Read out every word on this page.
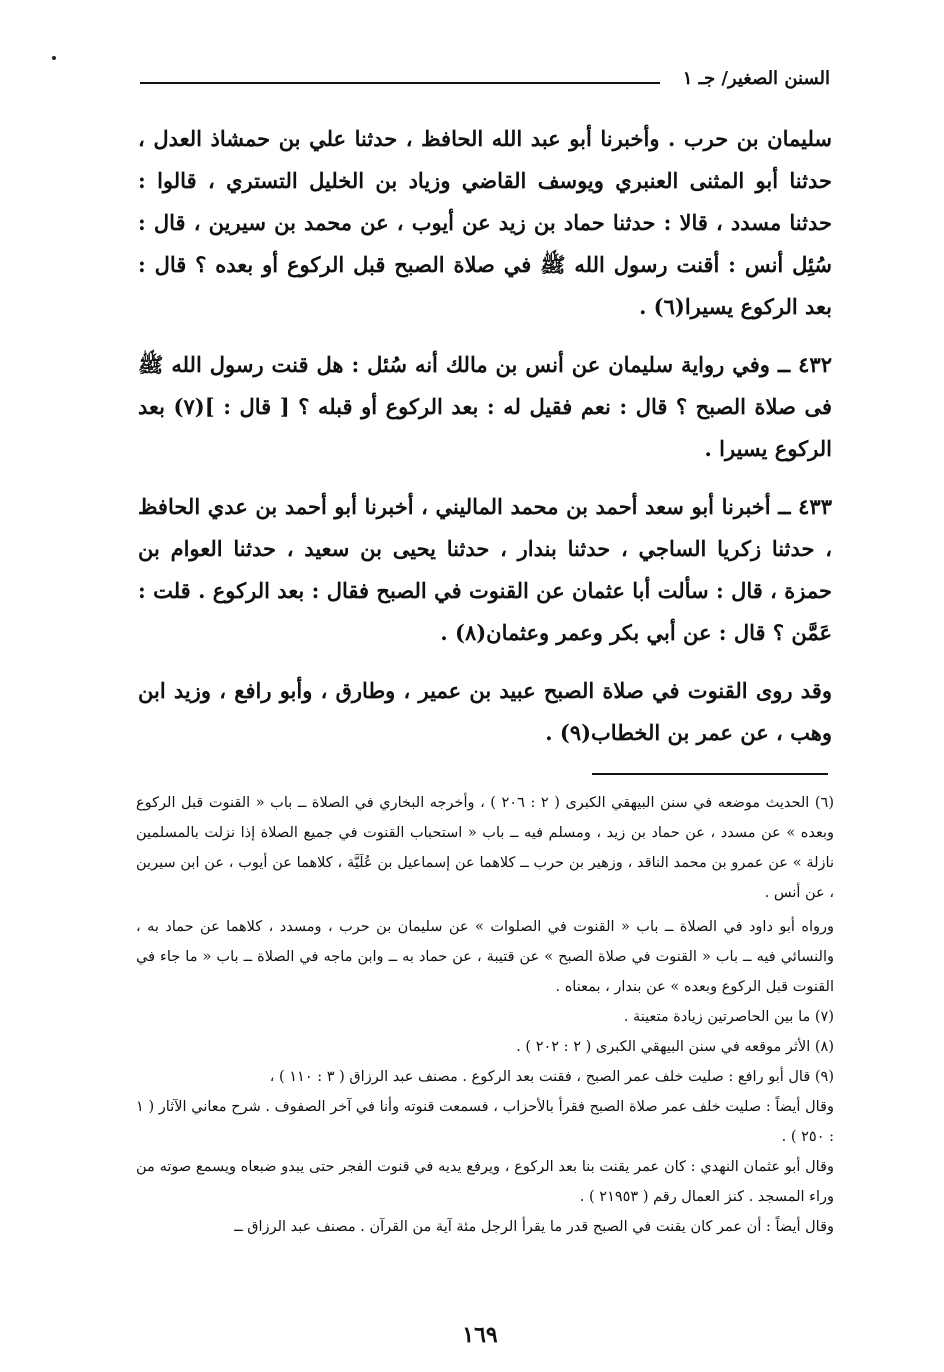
السنن الصغير/ جـ ١

سليمان بن حرب . وأخبرنا أبو عبد الله الحافظ ، حدثنا علي بن حمشاذ العدل ، حدثنا أبو المثنى العنبري ويوسف القاضي وزياد بن الخليل التستري ، قالوا : حدثنا مسدد ، قالا : حدثنا حماد بن زيد عن أيوب ، عن محمد بن سيرين ، قال : سُئِل أنس : أقنت رسول الله ﷺ في صلاة الصبح قبل الركوع أو بعده ؟ قال : بعد الركوع يسيرا(٦) .

٤٣٢ ــ وفي رواية سليمان عن أنس بن مالك أنه سُئل : هل قنت رسول الله ﷺ فى صلاة الصبح ؟ قال : نعم فقيل له : بعد الركوع أو قبله ؟ [ قال : ](٧) بعد الركوع يسيرا .

٤٣٣ ــ أخبرنا أبو سعد أحمد بن محمد الماليني ، أخبرنا أبو أحمد بن عدي الحافظ ، حدثنا زكريا الساجي ، حدثنا بندار ، حدثنا يحيى بن سعيد ، حدثنا العوام بن حمزة ، قال : سألت أبا عثمان عن القنوت في الصبح فقال : بعد الركوع . قلت : عَمَّن ؟ قال : عن أبي بكر وعمر وعثمان(٨) .

وقد روى القنوت في صلاة الصبح عبيد بن عمير ، وطارق ، وأبو رافع ، وزيد ابن وهب ، عن عمر بن الخطاب(٩) .

(٦) الحديث موضعه في سنن البيهقي الكبرى ( ٢ : ٢٠٦ ) ، وأخرجه البخاري في الصلاة ــ باب « القنوت قبل الركوع وبعده » عن مسدد ، عن حماد بن زيد ، ومسلم فيه ــ باب « استحباب القنوت في جميع الصلاة إذا نزلت بالمسلمين نازلة » عن عمرو بن محمد الناقد ، وزهير بن حرب ــ كلاهما عن إسماعيل بن عُلَيَّة ، كلاهما عن أيوب ، عن ابن سيرين ، عن أنس .

ورواه أبو داود في الصلاة ــ باب « القنوت في الصلوات » عن سليمان بن حرب ، ومسدد ، كلاهما عن حماد به ، والنسائي فيه ــ باب « القنوت في صلاة الصبح » عن قتيبة ، عن حماد به ــ وابن ماجه في الصلاة ــ باب « ما جاء في القنوت قبل الركوع وبعده » عن بندار ، بمعناه .

(٧) ما بين الحاصرتين زيادة متعينة .

(٨) الأثر موقعه في سنن البيهقي الكبرى ( ٢ : ٢٠٢ ) .

(٩) قال أبو رافع : صليت خلف عمر الصبح ، فقنت بعد الركوع . مصنف عبد الرزاق ( ٣ : ١١٠ ) ،

وقال أيضاً : صليت خلف عمر صلاة الصبح فقرأ بالأحزاب ، فسمعت قنوته وأنا في آخر الصفوف . شرح معاني الآثار ( ١ : ٢٥٠ ) .

وقال أبو عثمان النهدي : كان عمر يقنت بنا بعد الركوع ، ويرفع يديه في قنوت الفجر حتى يبدو ضبعاه ويسمع صوته من وراء المسجد . كنز العمال رقم ( ٢١٩٥٣ ) .

وقال أيضاً : أن عمر كان يقنت في الصبح قدر ما يقرأ الرجل مئة آية من القرآن . مصنف عبد الرزاق ــ

١٦٩
